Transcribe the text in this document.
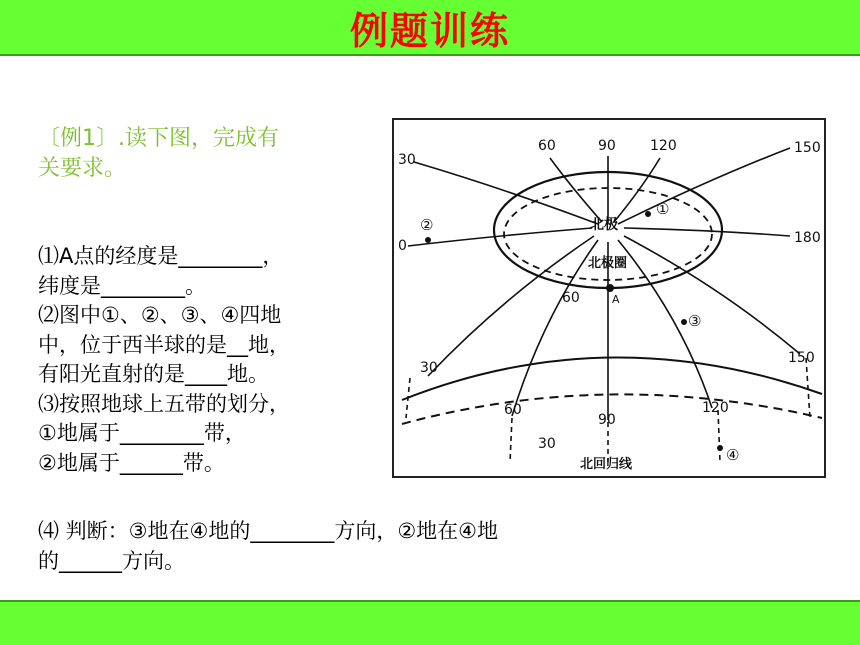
例题训练
〔例1〕.读下图，完成有
关要求。
⑴A点的经度是________，
纬度是________。
⑵图中①、②、③、④四地
中，位于西半球的是__地，
有阳光直射的是____地。
⑶按照地球上五带的划分，
①地属于________带，
②地属于______带。
⑷ 判断：③地在④地的________方向，②地在④地
的______方向。
60	90 120	150
30
0	180
60
30
60
90
120
150
30
北极
北极圈
北回归线
A
①
②
③
④
